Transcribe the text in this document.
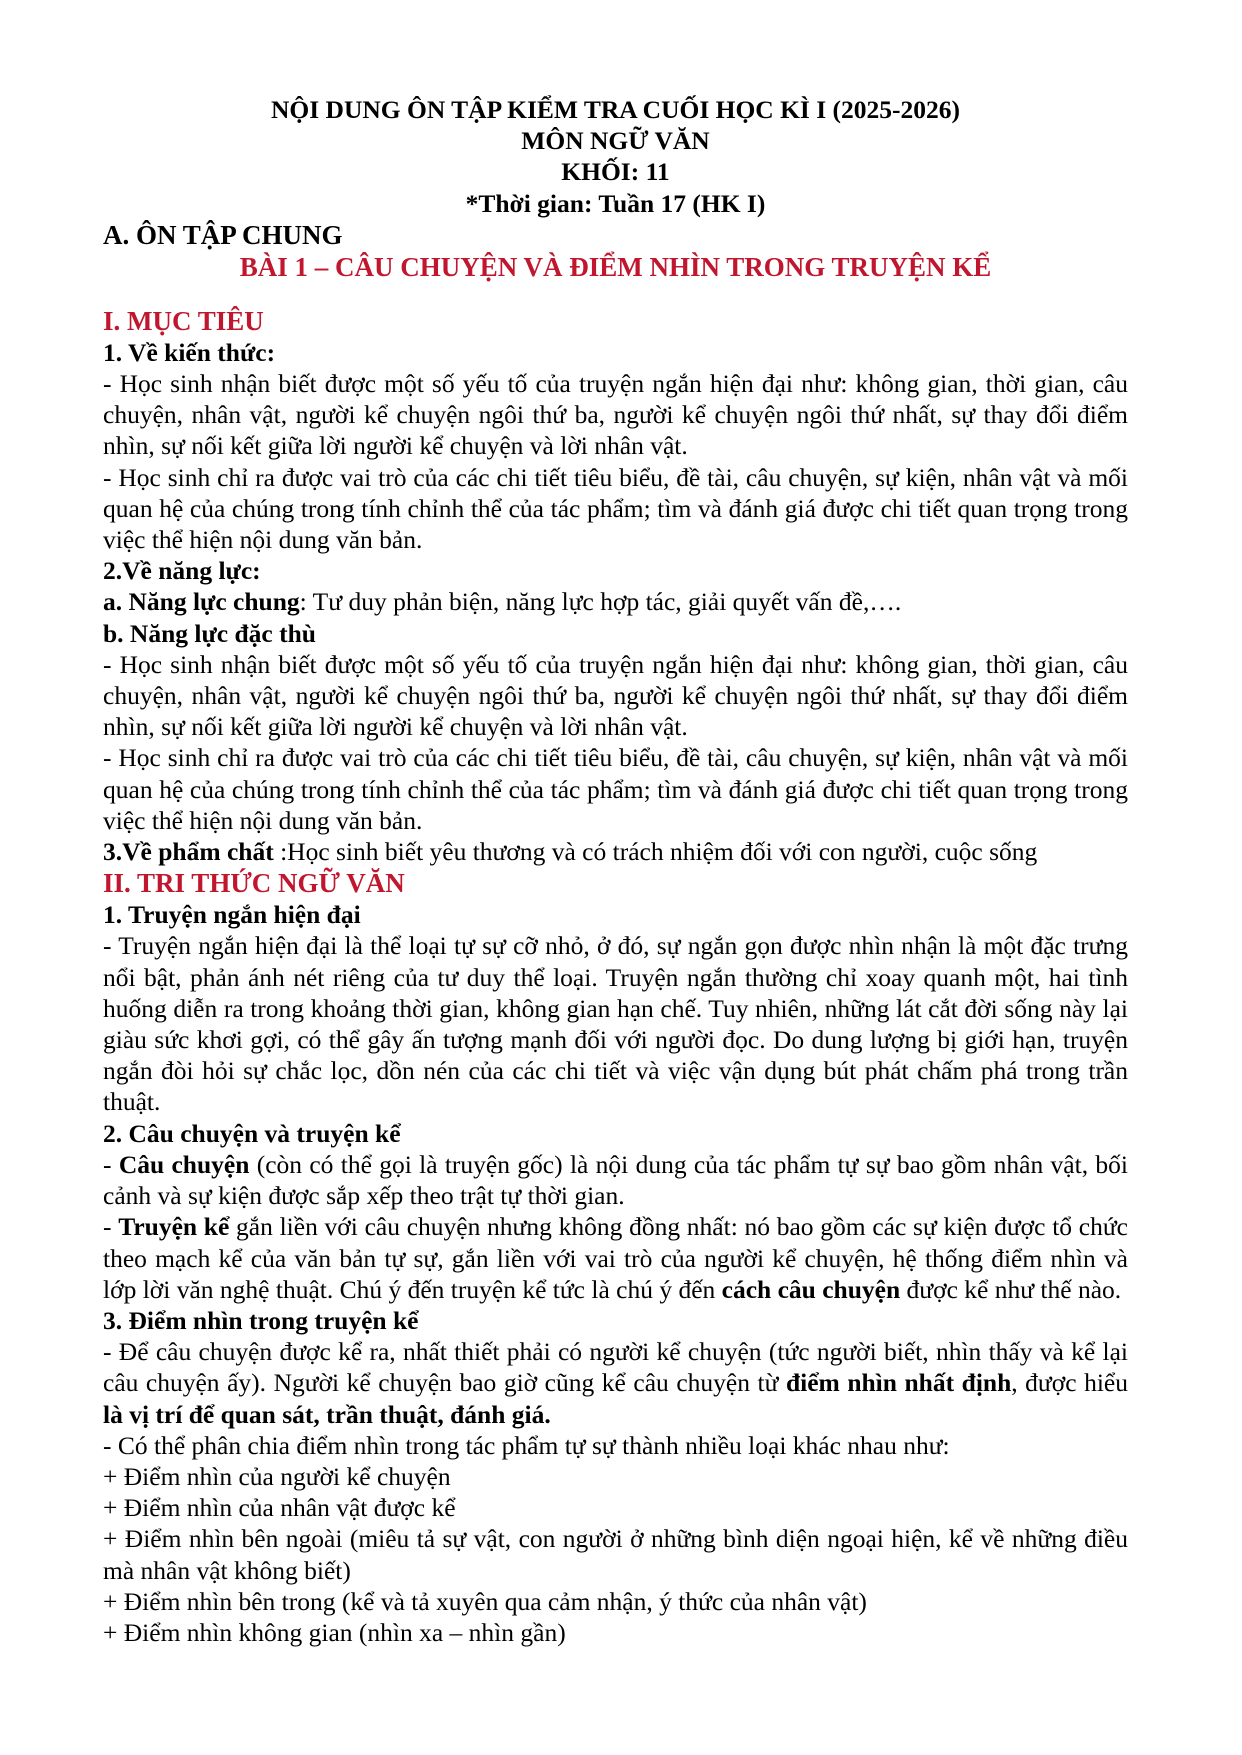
NỘI DUNG ÔN TẬP KIỂM TRA CUỐI HỌC KÌ I (2025-2026)
MÔN NGỮ VĂN
KHỐI: 11
*Thời gian: Tuần 17 (HK I)
A. ÔN TẬP CHUNG
BÀI 1 – CÂU CHUYỆN VÀ ĐIỂM NHÌN TRONG TRUYỆN KỂ
I. MỤC TIÊU
1. Về kiến thức:
- Học sinh nhận biết được một số yếu tố của truyện ngắn hiện đại như: không gian, thời gian, câu chuyện, nhân vật, người kể chuyện ngôi thứ ba, người kể chuyện ngôi thứ nhất, sự thay đổi điểm nhìn, sự nối kết giữa lời người kể chuyện và lời nhân vật.
- Học sinh chỉ ra được vai trò của các chi tiết tiêu biểu, đề tài, câu chuyện, sự kiện, nhân vật và mối quan hệ của chúng trong tính chỉnh thể của tác phẩm; tìm và đánh giá được chi tiết quan trọng trong việc thể hiện nội dung văn bản.
2.Về năng lực:
a. Năng lực chung: Tư duy phản biện, năng lực hợp tác, giải quyết vấn đề,….
b. Năng lực đặc thù
- Học sinh nhận biết được một số yếu tố của truyện ngắn hiện đại như: không gian, thời gian, câu chuyện, nhân vật, người kể chuyện ngôi thứ ba, người kể chuyện ngôi thứ nhất, sự thay đổi điểm nhìn, sự nối kết giữa lời người kể chuyện và lời nhân vật.
- Học sinh chỉ ra được vai trò của các chi tiết tiêu biểu, đề tài, câu chuyện, sự kiện, nhân vật và mối quan hệ của chúng trong tính chỉnh thể của tác phẩm; tìm và đánh giá được chi tiết quan trọng trong việc thể hiện nội dung văn bản.
3.Về phẩm chất :Học sinh biết yêu thương và có trách nhiệm đối với con người, cuộc sống
II. TRI THỨC NGỮ VĂN
1. Truyện ngắn hiện đại
- Truyện ngắn hiện đại là thể loại tự sự cỡ nhỏ, ở đó, sự ngắn gọn được nhìn nhận là một đặc trưng nổi bật, phản ánh nét riêng của tư duy thể loại. Truyện ngắn thường chỉ xoay quanh một, hai tình huống diễn ra trong khoảng thời gian, không gian hạn chế. Tuy nhiên, những lát cắt đời sống này lại giàu sức khơi gợi, có thể gây ấn tượng mạnh đối với người đọc. Do dung lượng bị giới hạn, truyện ngắn đòi hỏi sự chắc lọc, dồn nén của các chi tiết và việc vận dụng bút phát chấm phá trong trần thuật.
2. Câu chuyện và truyện kể
- Câu chuyện (còn có thể gọi là truyện gốc) là nội dung của tác phẩm tự sự bao gồm nhân vật, bối cảnh và sự kiện được sắp xếp theo trật tự thời gian.
- Truyện kể gắn liền với câu chuyện nhưng không đồng nhất: nó bao gồm các sự kiện được tổ chức theo mạch kể của văn bản tự sự, gắn liền với vai trò của người kể chuyện, hệ thống điểm nhìn và lớp lời văn nghệ thuật. Chú ý đến truyện kể tức là chú ý đến cách câu chuyện được kể như thế nào.
3. Điểm nhìn trong truyện kể
- Để câu chuyện được kể ra, nhất thiết phải có người kể chuyện (tức người biết, nhìn thấy và kể lại câu chuyện ấy). Người kể chuyện bao giờ cũng kể câu chuyện từ điểm nhìn nhất định, được hiểu là vị trí để quan sát, trần thuật, đánh giá.
- Có thể phân chia điểm nhìn trong tác phẩm tự sự thành nhiều loại khác nhau như:
+ Điểm nhìn của người kể chuyện
+ Điểm nhìn của nhân vật được kể
+ Điểm nhìn bên ngoài (miêu tả sự vật, con người ở những bình diện ngoại hiện, kể về những điều mà nhân vật không biết)
+ Điểm nhìn bên trong (kể và tả xuyên qua cảm nhận, ý thức của nhân vật)
+ Điểm nhìn không gian (nhìn xa – nhìn gần)
